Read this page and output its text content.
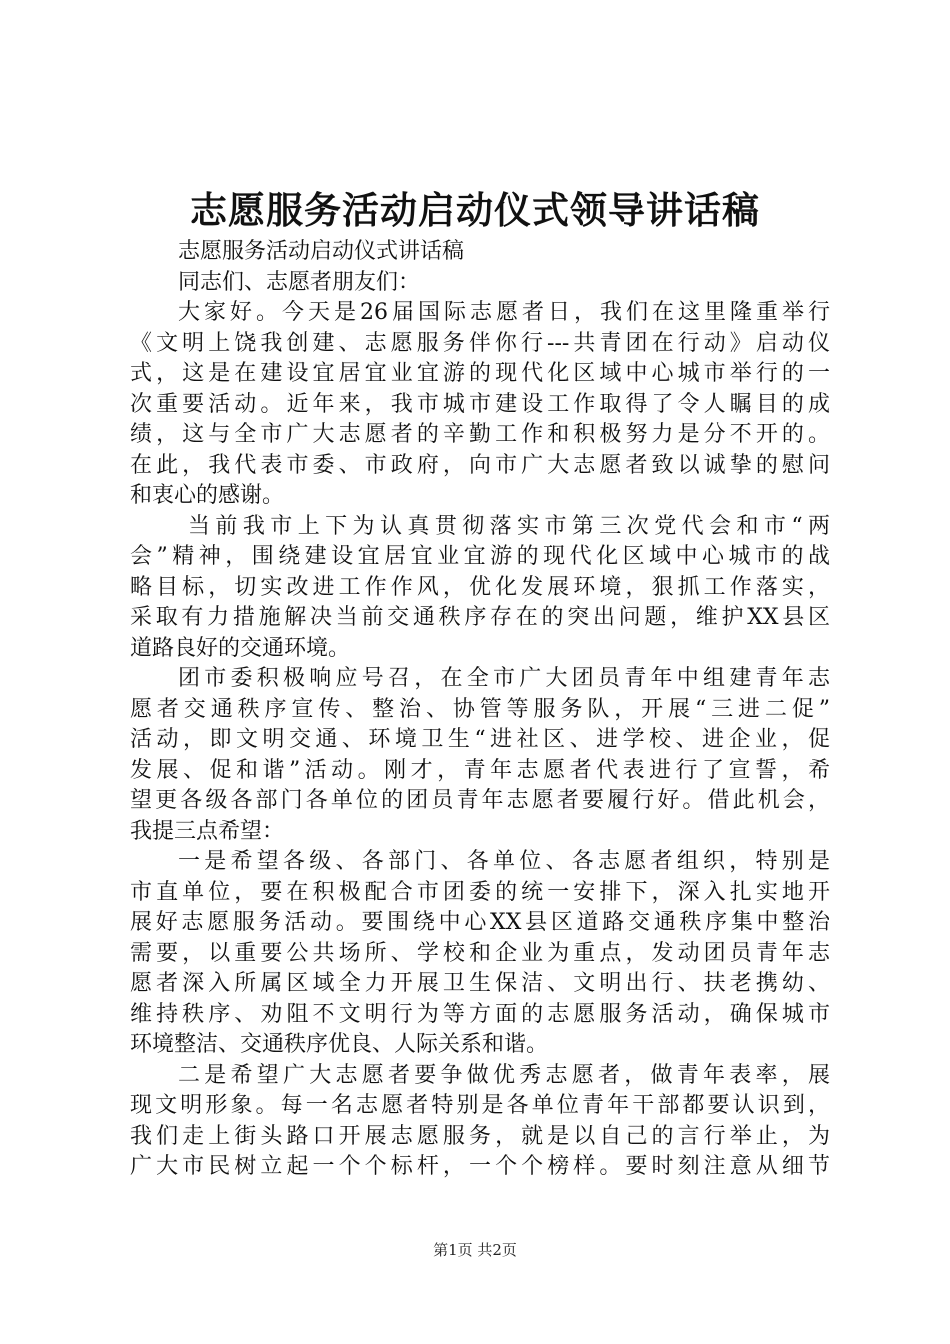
志愿服务活动启动仪式领导讲话稿
志愿服务活动启动仪式讲话稿
同志们、志愿者朋友们：
大家好。今天是26届国际志愿者日，我们在这里隆重举行
《文明上饶我创建、志愿服务伴你行---共青团在行动》启动仪
式，这是在建设宜居宜业宜游的现代化区域中心城市举行的一
次重要活动。近年来，我市城市建设工作取得了令人瞩目的成
绩，这与全市广大志愿者的辛勤工作和积极努力是分不开的。
在此，我代表市委、市政府，向市广大志愿者致以诚挚的慰问
和衷心的感谢。
当前我市上下为认真贯彻落实市第三次党代会和市“两
会”精神，围绕建设宜居宜业宜游的现代化区域中心城市的战
略目标，切实改进工作作风，优化发展环境，狠抓工作落实，
采取有力措施解决当前交通秩序存在的突出问题，维护XX县区
道路良好的交通环境。
团市委积极响应号召，在全市广大团员青年中组建青年志
愿者交通秩序宣传、整治、协管等服务队，开展“三进二促”
活动，即文明交通、环境卫生“进社区、进学校、进企业，促
发展、促和谐”活动。刚才，青年志愿者代表进行了宣誓，希
望更各级各部门各单位的团员青年志愿者要履行好。借此机会，
我提三点希望：
一是希望各级、各部门、各单位、各志愿者组织，特别是
市直单位，要在积极配合市团委的统一安排下，深入扎实地开
展好志愿服务活动。要围绕中心XX县区道路交通秩序集中整治
需要，以重要公共场所、学校和企业为重点，发动团员青年志
愿者深入所属区域全力开展卫生保洁、文明出行、扶老携幼、
维持秩序、劝阻不文明行为等方面的志愿服务活动，确保城市
环境整洁、交通秩序优良、人际关系和谐。
二是希望广大志愿者要争做优秀志愿者，做青年表率，展
现文明形象。每一名志愿者特别是各单位青年干部都要认识到，
我们走上街头路口开展志愿服务，就是以自己的言行举止，为
广大市民树立起一个个标杆，一个个榜样。要时刻注意从细节
第1页 共2页
